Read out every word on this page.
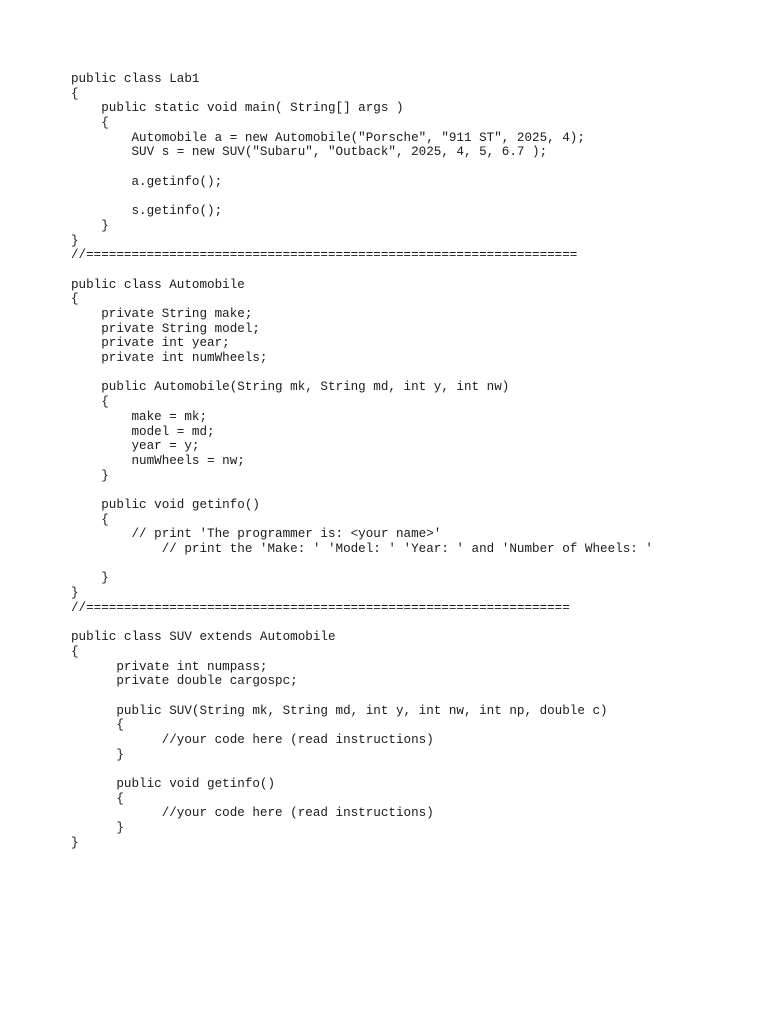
public class Lab1
{
public static void main( String[] args )
{
Automobile a = new Automobile("Porsche", "911 ST", 2025, 4);
SUV s = new SUV("Subaru", "Outback", 2025, 4, 5, 6.7 );
a.getinfo();
s.getinfo();
}
}
//=================================================================
public class Automobile
{
private String make;
private String model;
private int year;
private int numWheels;
public Automobile(String mk, String md, int y, int nw)
{
make = mk;
model = md;
year = y;
numWheels = nw;
}
public void getinfo()
{
// print 'The programmer is: <your name>'
// print the 'Make: ' 'Model: ' 'Year: ' and 'Number of Wheels: '
}
}
//================================================================
public class SUV extends Automobile
{
private int numpass;
private double cargospc;
public SUV(String mk, String md, int y, int nw, int np, double c)
{
//your code here (read instructions)
}
public void getinfo()
{
//your code here (read instructions)
}
}
